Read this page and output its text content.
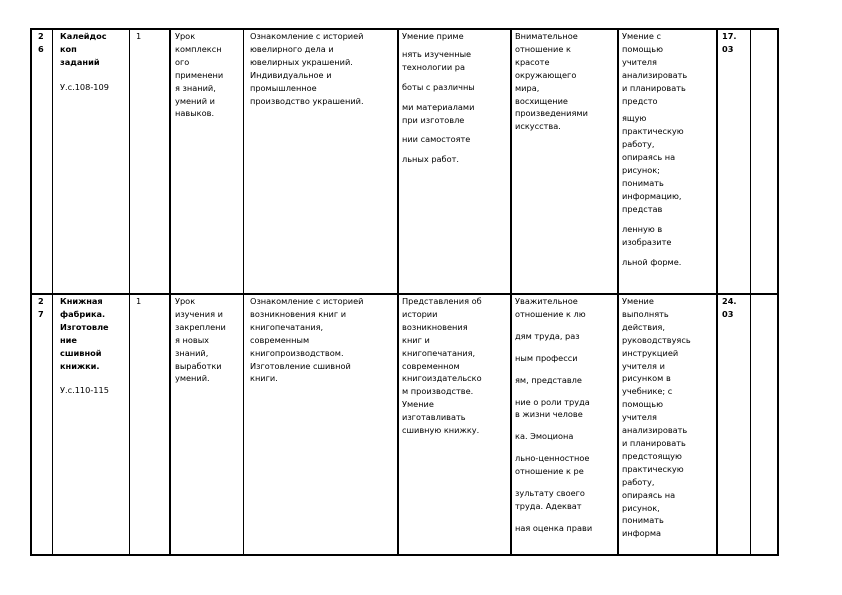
2
6
Калейдос
коп
заданий
У.с.108-109
1	Урок
комплексн
ого
применени
я знаний,
умений и
навыков.
Ознакомление с историей
ювелирного дела и
ювелирных украшений.
Индивидуальное и
промышленное
производство украшений.
Умение приме
нять изученные
технологии ра
боты с различны
ми материалами
при изготовле
нии самостояте
льных работ.
Внимательное
отношение к
красоте
окружающего
мира,
восхищение
произведениями
искусства.
Умение с
помощью
учителя
анализировать
и планировать
предсто
ящую
практическую
работу,
опираясь на
рисунок;
понимать
информацию,
представ
ленную в
изобразите
льной форме.
17.
03
2
7
Книжная
фабрика.
Изготовле
ние
сшивной
книжки.
У.с.110-115
1	Урок
изучения и
закреплени
я новых
знаний,
выработки
умений.
Ознакомление с историей
возникновения книг и
книгопечатания,
современным
книгопроизводством.
Изготовление сшивной
книги.
Представления об
истории
возникновения
книг и
книгопечатания,
современном
книгоиздательско
м производстве.
Умение
изготавливать
сшивную книжку.
Уважительное
отношение к лю
дям труда, раз
ным професси
ям, представле
ние о роли труда
в жизни челове
ка. Эмоциона
льно-ценностное
отношение к ре
зультату своего
труда. Адекват
ная оценка прави
Умение
выполнять
действия,
руководствуясь
инструкцией
учителя и
рисунком в
учебнике; с
помощью
учителя
анализировать
и планировать
предстоящую
практическую
работу,
опираясь на
рисунок,
понимать
информа
24.
03
